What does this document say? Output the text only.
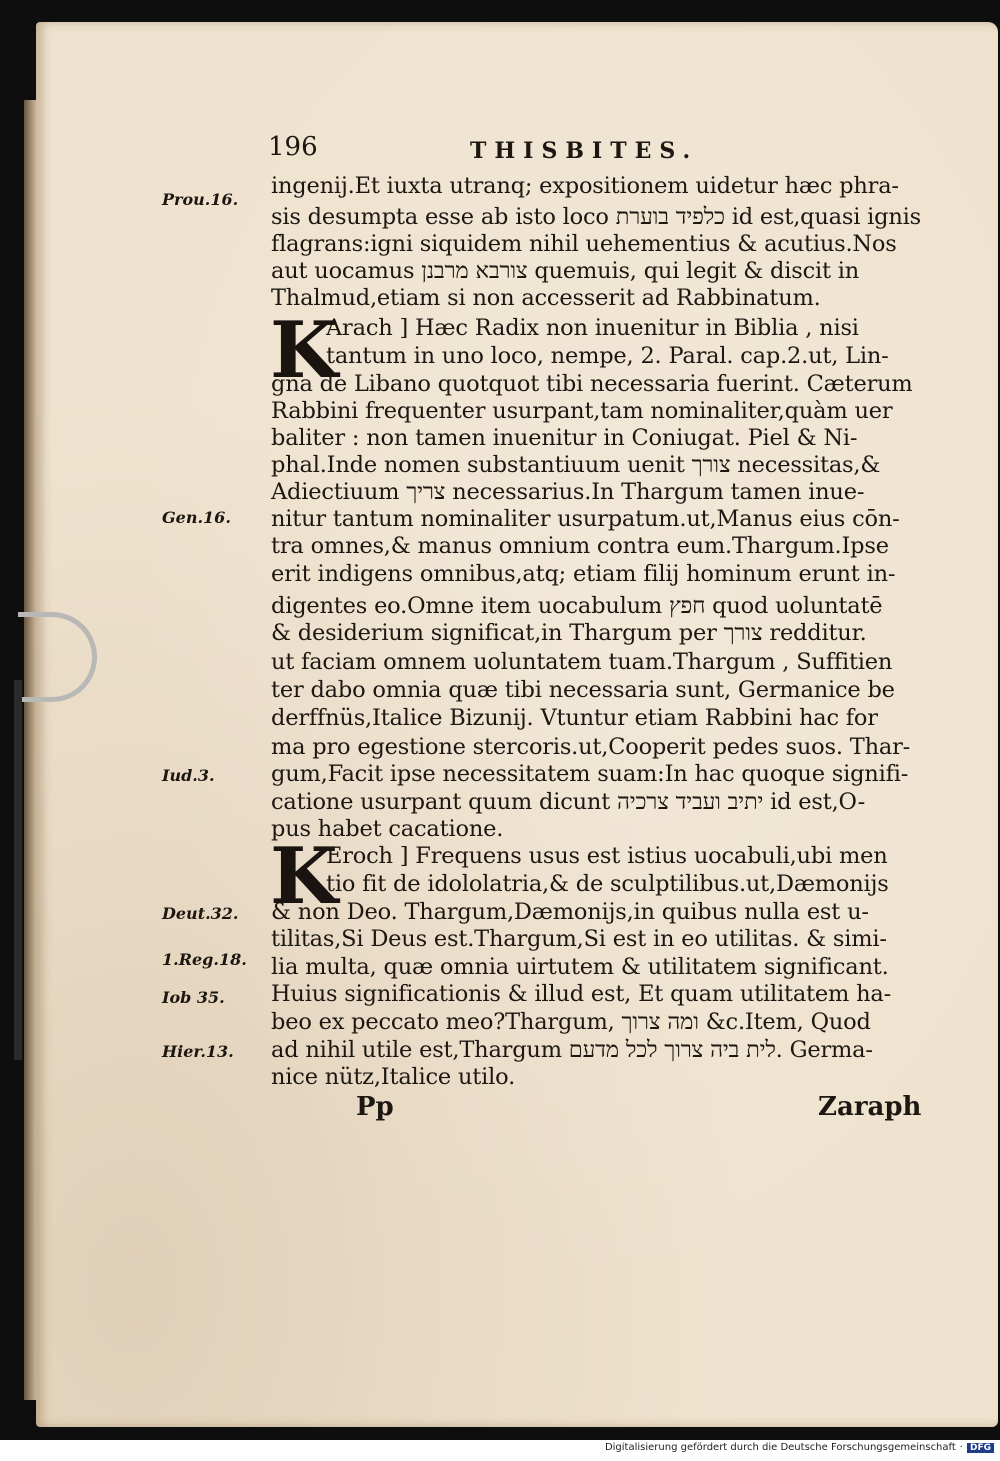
196	THISBITES.
Prou.16.
Gen.16.
Iud.3.
Deut.32.
1.Reg.18.
Iob 35.
Hier.13.
K
K
ingenij.Et iuxta utranq; expositionem uidetur hæc phra-
sis desumpta esse ab isto loco כלפיד בוערת id est,quasi ignis
flagrans:igni siquidem nihil uehementius & acutius.Nos
aut uocamus צורבא מרבנן quemuis, qui legit & discit in
Thalmud,etiam si non accesserit ad Rabbinatum.
Arach ] Hæc Radix non inuenitur in Biblia , nisi
tantum in uno loco, nempe, 2. Paral. cap.2.ut, Lin-
gna de Libano quotquot tibi necessaria fuerint. Cæterum
Rabbini frequenter usurpant,tam nominaliter,quàm uer
baliter : non tamen inuenitur in Coniugat. Piel & Ni-
phal.Inde nomen substantiuum uenit צורך necessitas,&
Adiectiuum צריך necessarius.In Thargum tamen inue-
nitur tantum nominaliter usurpatum.ut,Manus eius cōn-
tra omnes,& manus omnium contra eum.Thargum.Ipse
erit indigens omnibus,atq; etiam filij hominum erunt in-
digentes eo.Omne item uocabulum חפץ quod uoluntatē
& desiderium significat,in Thargum per צורך redditur.
ut faciam omnem uoluntatem tuam.Thargum , Suffitien
ter dabo omnia quæ tibi necessaria sunt, Germanice be
derffnüs,Italice Bizunij. Vtuntur etiam Rabbini hac for
ma pro egestione stercoris.ut,Cooperit pedes suos. Thar-
gum,Facit ipse necessitatem suam:In hac quoque signifi-
catione usurpant quum dicunt יתיב ועביד צרכיה id est,O-
pus habet cacatione.
Eroch ] Frequens usus est istius uocabuli,ubi men
tio fit de idololatria,& de sculptilibus.ut,Dæmonijs
& non Deo. Thargum,Dæmonijs,in quibus nulla est u-
tilitas,Si Deus est.Thargum,Si est in eo utilitas. & simi-
lia multa, quæ omnia uirtutem & utilitatem significant.
Huius significationis & illud est, Et quam utilitatem ha-
beo ex peccato meo?Thargum, ומה צרוך &c.Item, Quod
ad nihil utile est,Thargum לית ביה צרוך לכל מדעם. Germa-
nice nütz,Italice utilo.
Pp	Zaraph
Digitalisierung gefördert durch die Deutsche Forschungsgemeinschaft · DFG
